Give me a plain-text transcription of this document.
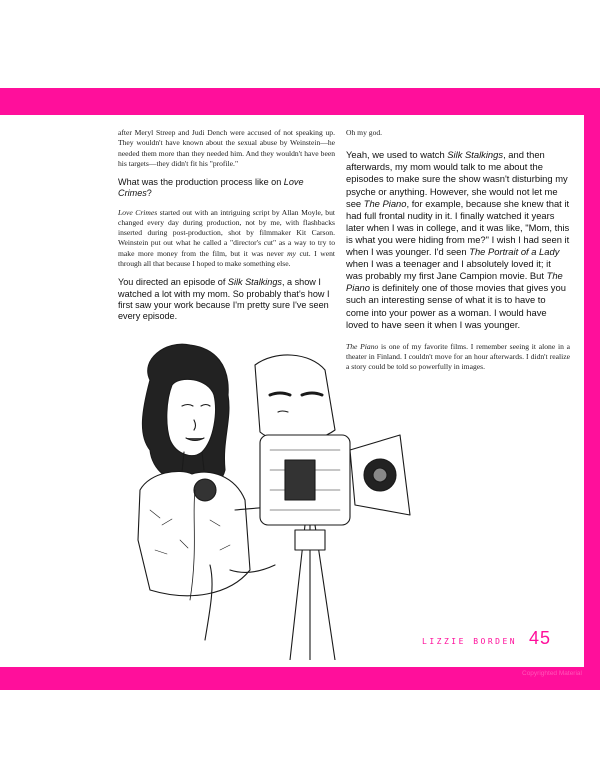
after Meryl Streep and Judi Dench were accused of not speaking up. They wouldn't have known about the sexual abuse by Weinstein—he needed them more than they needed him. And they wouldn't have been his targets—they didn't fit his "profile."

What was the production process like on Love Crimes?

Love Crimes started out with an intriguing script by Allan Moyle, but changed every day during production, not by me, with flashbacks inserted during post-production, shot by filmmaker Kit Carson. Weinstein put out what he called a "director's cut" as a way to try to make more money from the film, but it was never my cut. I went through all that because I hoped to make something else.

You directed an episode of Silk Stalkings, a show I watched a lot with my mom. So probably that's how I first saw your work because I'm pretty sure I've seen every episode.

Oh my god.

Yeah, we used to watch Silk Stalkings, and then afterwards, my mom would talk to me about the episodes to make sure the show wasn't disturbing my psyche or anything. However, she would not let me see The Piano, for example, because she knew that it had full frontal nudity in it. I finally watched it years later when I was in college, and it was like, "Mom, this is what you were hiding from me?" I wish I had seen it when I was younger. I'd seen The Portrait of a Lady when I was a teenager and I absolutely loved it; it was probably my first Jane Campion movie. But The Piano is definitely one of those movies that gives you such an interesting sense of what it is to have to come into your power as a woman. I would have loved to have seen it when I was younger.

The Piano is one of my favorite films. I remember seeing it alone in a theater in Finland. I couldn't move for an hour afterwards. I didn't realize a story could be told so powerfully in images.

LIZZIE BORDEN 45
Copyrighted Material
